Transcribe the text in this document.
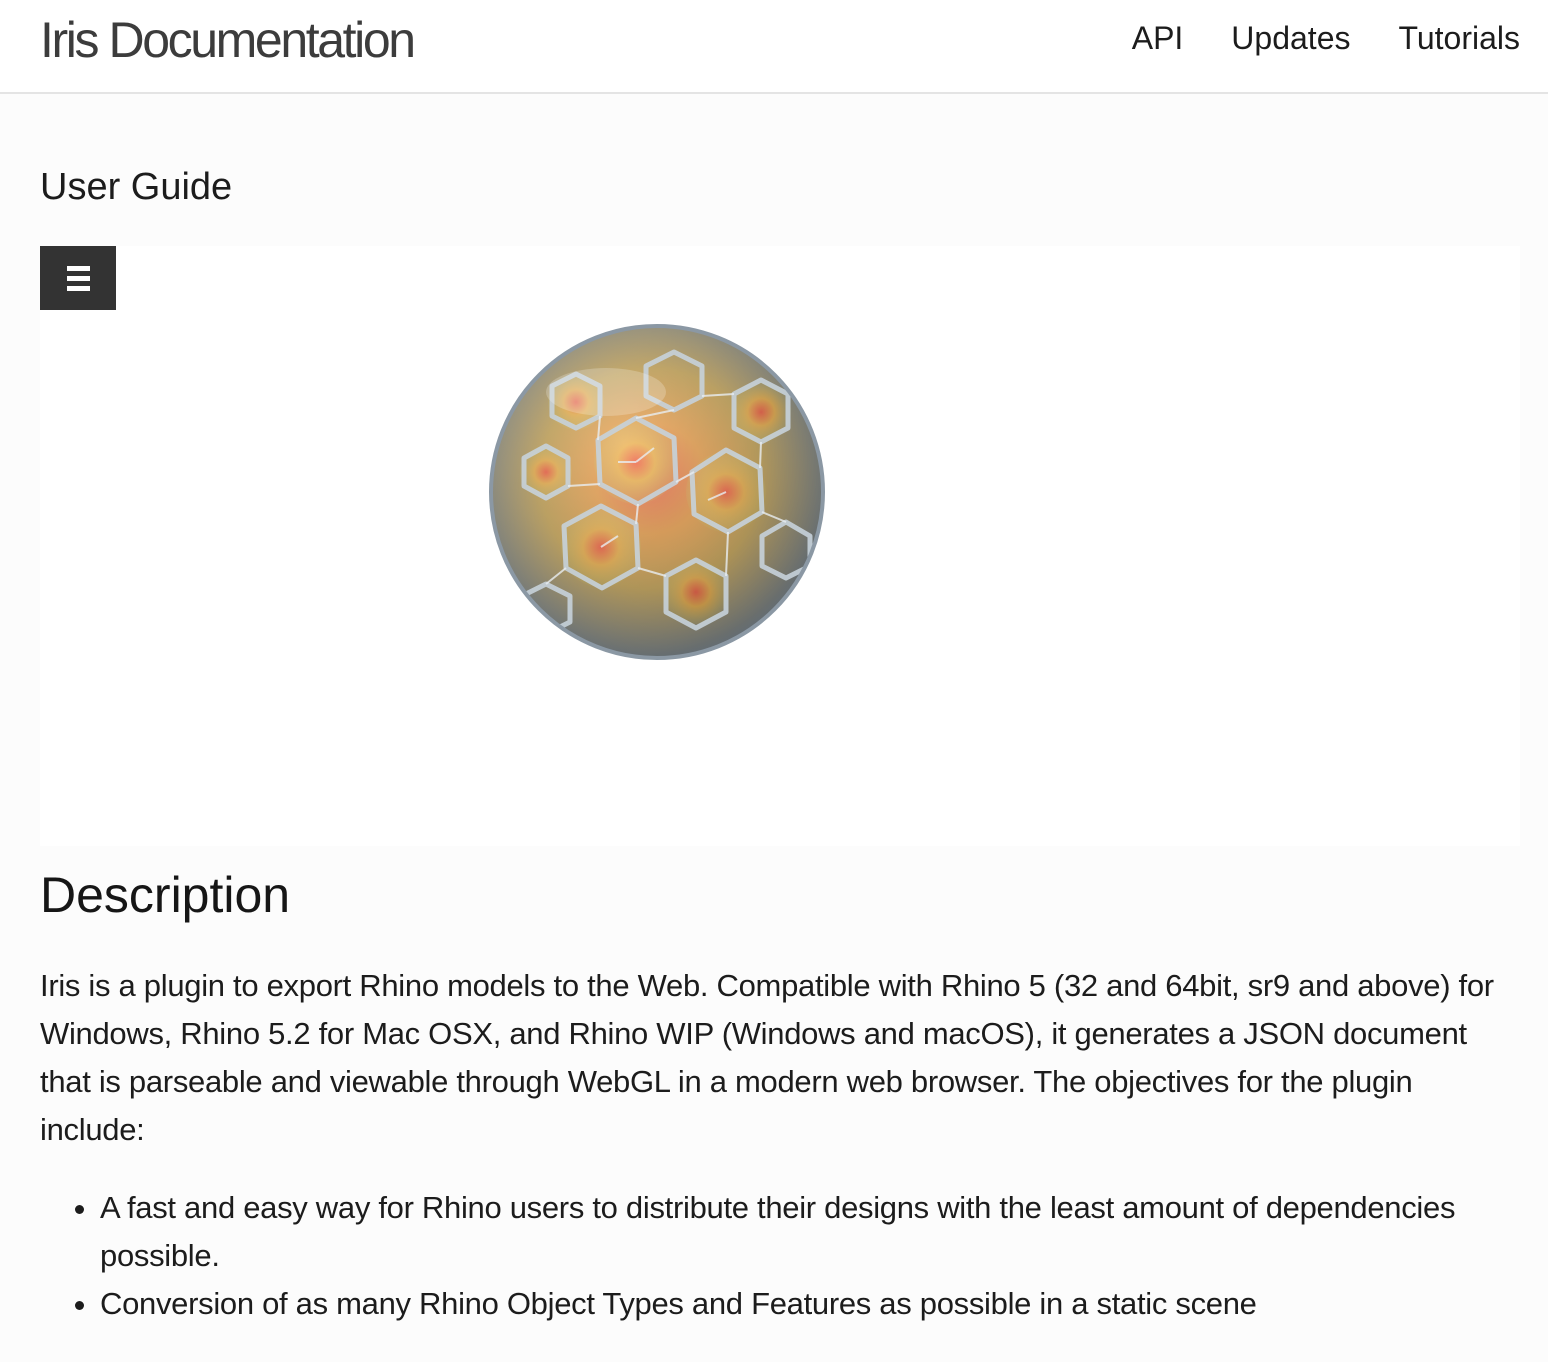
Iris Documentation	API Updates Tutorials
User Guide
Description

Iris is a plugin to export Rhino models to the Web. Compatible with Rhino 5 (32 and 64bit, sr9 and above) for Windows, Rhino 5.2 for Mac OSX, and Rhino WIP (Windows and macOS), it generates a JSON document that is parseable and viewable through WebGL in a modern web browser. The objectives for the plugin include:

• A fast and easy way for Rhino users to distribute their designs with the least amount of dependencies possible.
• Conversion of as many Rhino Object Types and Features as possible in a static scene
